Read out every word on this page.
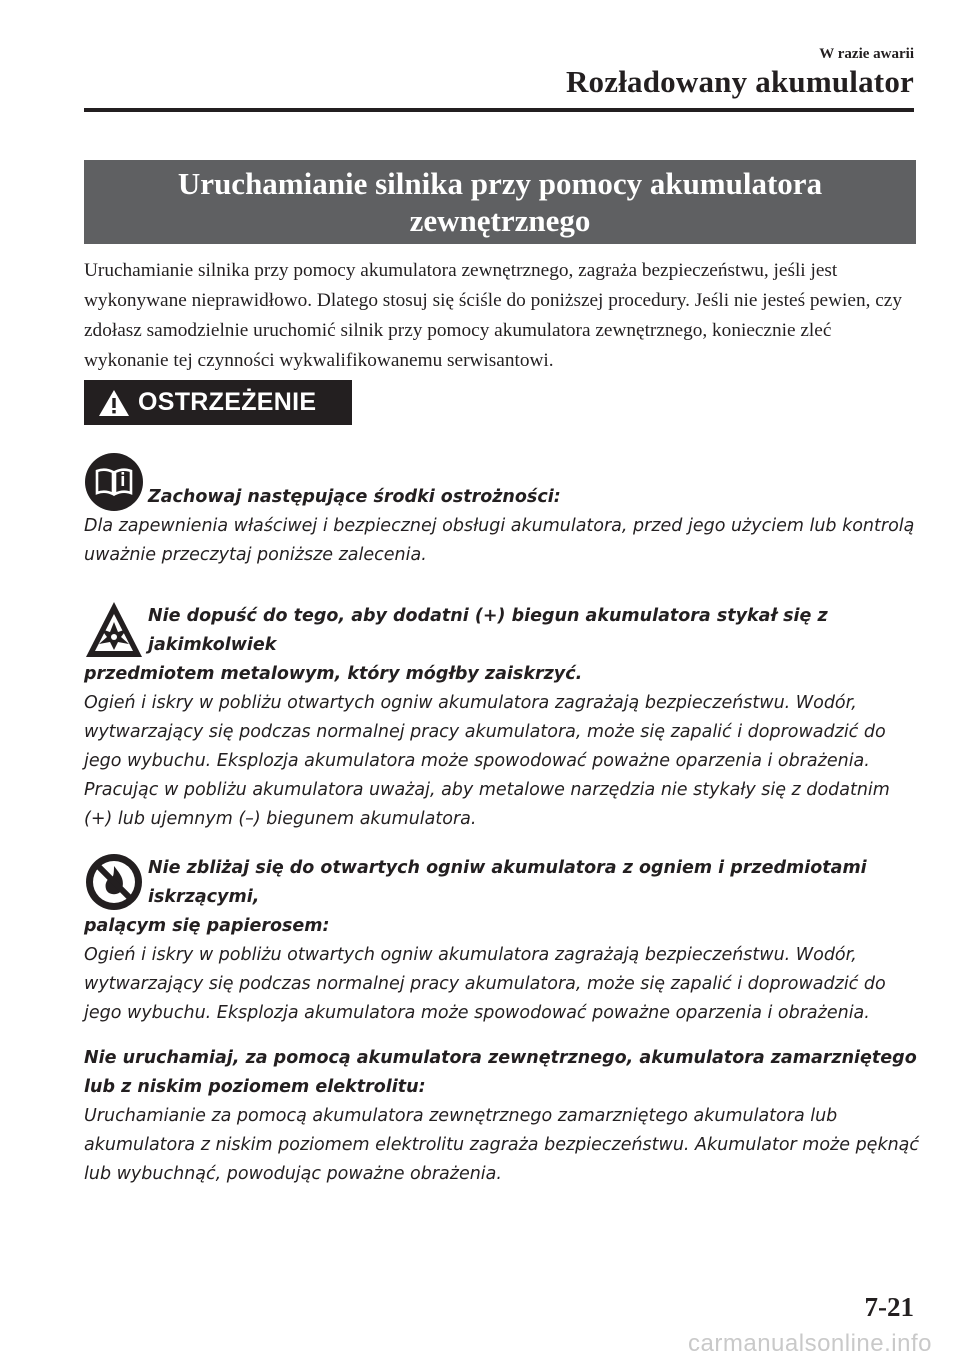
W razie awarii
Rozładowany akumulator
Uruchamianie silnika przy pomocy akumulatora zewnętrznego

Uruchamianie silnika przy pomocy akumulatora zewnętrznego, zagraża bezpieczeństwu, jeśli jest wykonywane nieprawidłowo. Dlatego stosuj się ściśle do poniższej procedury. Jeśli nie jesteś pewien, czy zdołasz samodzielnie uruchomić silnik przy pomocy akumulatora zewnętrznego, koniecznie zleć wykonanie tej czynności wykwalifikowanemu serwisantowi.

OSTRZEŻENIE
Zachowaj następujące środki ostrożności:

Dla zapewnienia właściwej i bezpiecznej obsługi akumulatora, przed jego użyciem lub kontrolą uważnie przeczytaj poniższe zalecenia.

Nie dopuść do tego, aby dodatni (+) biegun akumulatora stykał się z jakimkolwiek

przedmiotem metalowym, który mógłby zaiskrzyć.

Ogień i iskry w pobliżu otwartych ogniw akumulatora zagrażają bezpieczeństwu. Wodór, wytwarzający się podczas normalnej pracy akumulatora, może się zapalić i doprowadzić do jego wybuchu. Eksplozja akumulatora może spowodować poważne oparzenia i obrażenia. Pracując w pobliżu akumulatora uważaj, aby metalowe narzędzia nie stykały się z dodatnim (+) lub ujemnym (–) biegunem akumulatora.

Nie zbliżaj się do otwartych ogniw akumulatora z ogniem i przedmiotami iskrzącymi,

palącym się papierosem:

Ogień i iskry w pobliżu otwartych ogniw akumulatora zagrażają bezpieczeństwu. Wodór, wytwarzający się podczas normalnej pracy akumulatora, może się zapalić i doprowadzić do jego wybuchu. Eksplozja akumulatora może spowodować poważne oparzenia i obrażenia.

Nie uruchamiaj, za pomocą akumulatora zewnętrznego, akumulatora zamarzniętego lub z niskim poziomem elektrolitu:

Uruchamianie za pomocą akumulatora zewnętrznego zamarzniętego akumulatora lub akumulatora z niskim poziomem elektrolitu zagraża bezpieczeństwu. Akumulator może pęknąć lub wybuchnąć, powodując poważne obrażenia.

7-21
carmanualsonline.info
